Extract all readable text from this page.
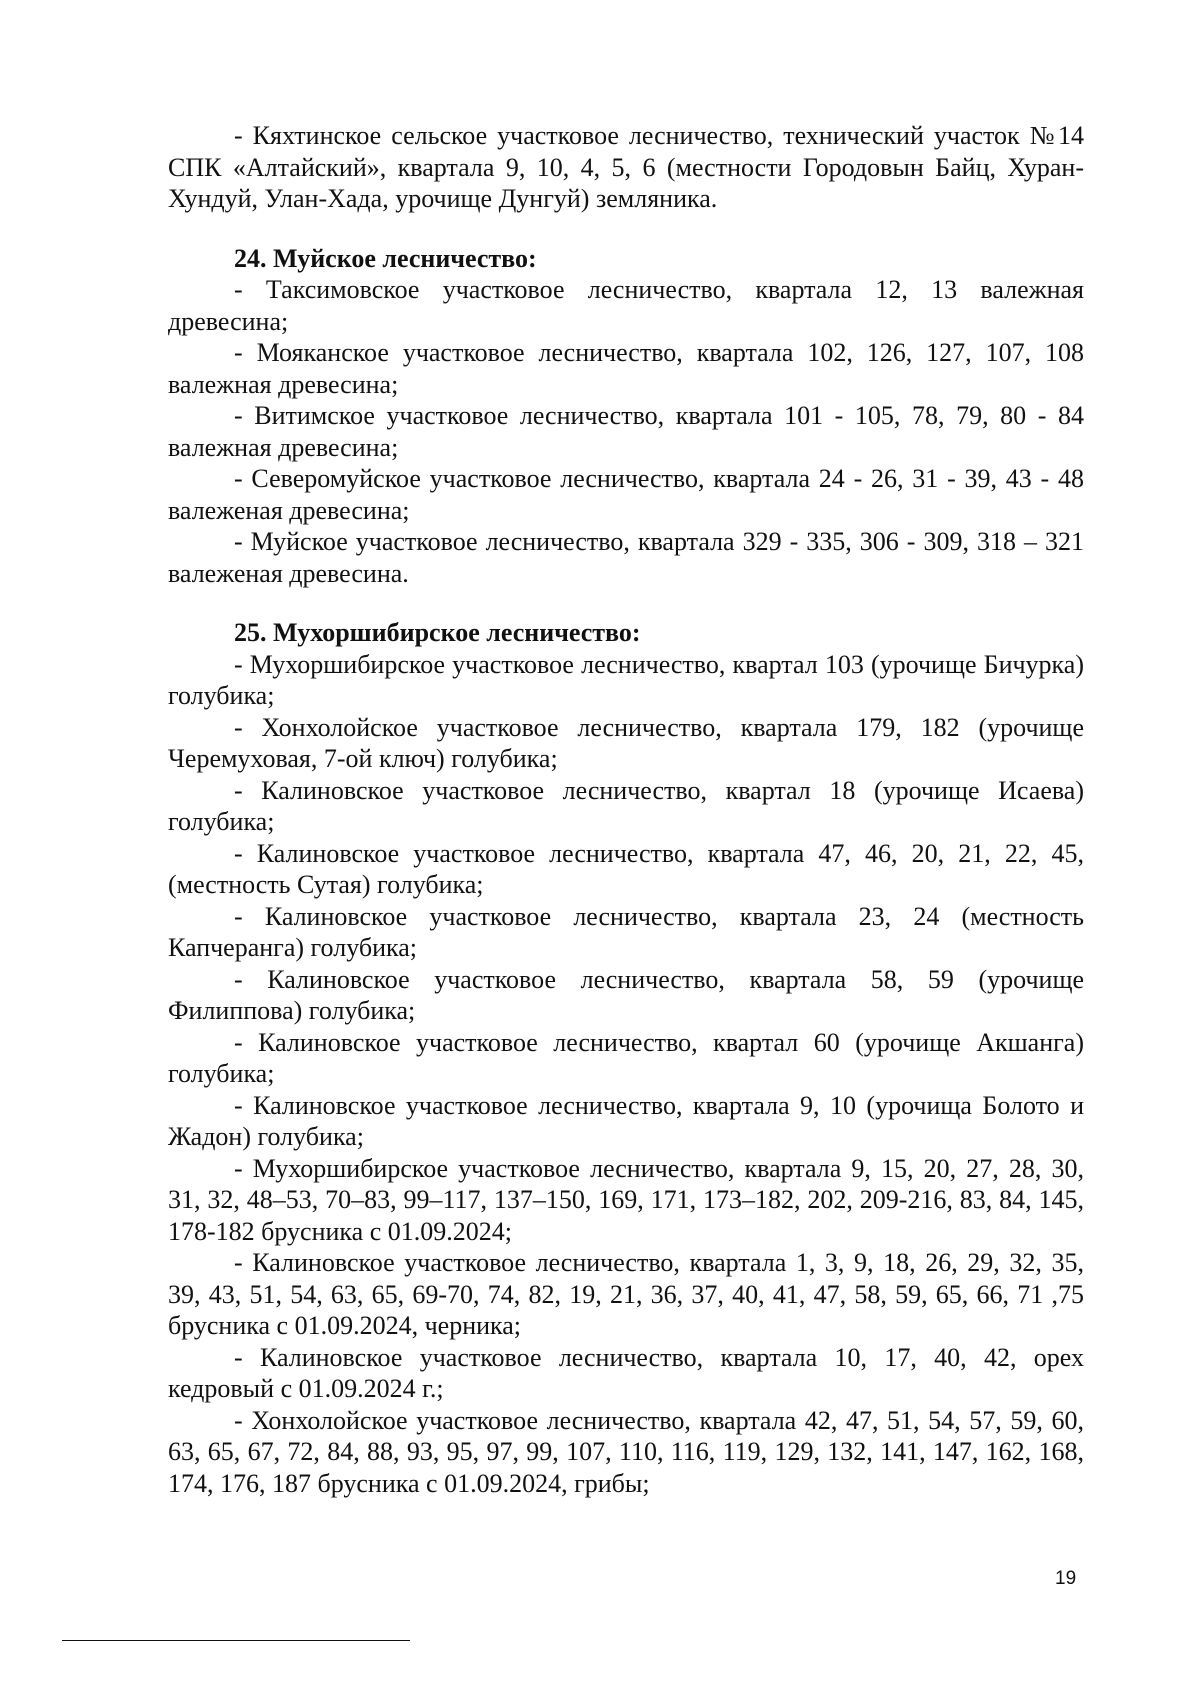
- Кяхтинское сельское участковое лесничество, технический участок №14 СПК «Алтайский», квартала 9, 10, 4, 5, 6 (местности Городовын Байц, Хуран-Хундуй, Улан-Хада, урочище Дунгуй) земляника.

24. Муйское лесничество:

- Таксимовское участковое лесничество, квартала 12, 13 валежная древесина;

- Мояканское участковое лесничество, квартала 102, 126, 127, 107, 108 валежная древесина;

- Витимское участковое лесничество, квартала 101 - 105, 78, 79, 80 - 84 валежная древесина;

- Северомуйское участковое лесничество, квартала 24 - 26, 31 - 39, 43 - 48 валеженая древесина;

- Муйское участковое лесничество, квартала 329 - 335, 306 - 309, 318 – 321 валеженая древесина.

25. Мухоршибирское лесничество:

- Мухоршибирское участковое лесничество, квартал 103 (урочище Бичурка) голубика;

- Хонхолойское участковое лесничество, квартала 179, 182 (урочище Черемуховая, 7-ой ключ) голубика;

- Калиновское участковое лесничество, квартал 18 (урочище Исаева) голубика;

- Калиновское участковое лесничество, квартала 47, 46, 20, 21, 22, 45, (местность Сутая) голубика;

- Калиновское участковое лесничество, квартала 23, 24 (местность Капчеранга) голубика;

- Калиновское участковое лесничество, квартала 58, 59 (урочище Филиппова) голубика;

- Калиновское участковое лесничество, квартал 60 (урочище Акшанга) голубика;

- Калиновское участковое лесничество, квартала 9, 10 (урочища Болото и Жадон) голубика;

- Мухоршибирское участковое лесничество, квартала 9, 15, 20, 27, 28, 30, 31, 32, 48–53, 70–83, 99–117, 137–150, 169, 171, 173–182, 202, 209-216, 83, 84, 145, 178-182 брусника с 01.09.2024;

- Калиновское участковое лесничество, квартала 1, 3, 9, 18, 26, 29, 32, 35, 39, 43, 51, 54, 63, 65, 69-70, 74, 82, 19, 21, 36, 37, 40, 41, 47, 58, 59, 65, 66, 71 ,75 брусника с 01.09.2024, черника;

- Калиновское участковое лесничество, квартала 10, 17, 40, 42, орех кедровый с 01.09.2024 г.;

- Хонхолойское участковое лесничество, квартала 42, 47, 51, 54, 57, 59, 60, 63, 65, 67, 72, 84, 88, 93, 95, 97, 99, 107, 110, 116, 119, 129, 132, 141, 147, 162, 168, 174, 176, 187 брусника с 01.09.2024, грибы;

19
